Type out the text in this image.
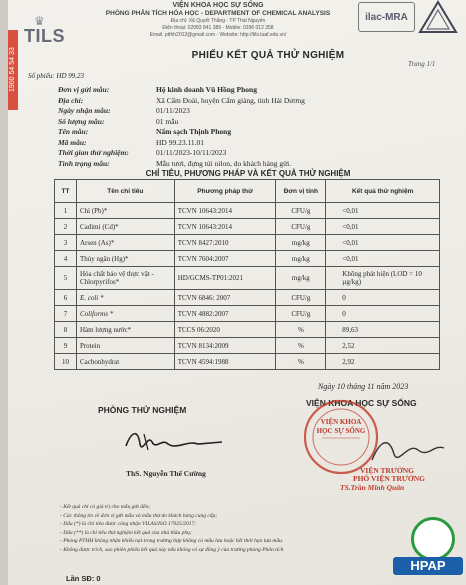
1900 54 54 33
♛
TILS
VIỆN KHOA HỌC SỰ SỐNG
PHÒNG PHÂN TÍCH HÓA HỌC - DEPARTMENT OF CHEMICAL ANALYSIS
Địa chỉ: Xã Quyết Thắng - TP Thái Nguyên
Điện thoại: 02083 841 389 - Mobile: 0396 012 358
Email: ptthh2012@gmail.com - Website: http://tils.tuaf.edu.vn/
ilac-MRA
PHIẾU KẾT QUẢ THỬ NGHIỆM
Trang 1/1
Số phiếu: HD 99.23
Đơn vị gửi mẫu:	Hộ kinh doanh Vũ Hồng Phong
Địa chỉ:	Xã Cẩm Đoài, huyện Cẩm giàng, tỉnh Hải Dương
Ngày nhận mẫu:	01/11/2023
Số lượng mẫu:	01 mẫu
Tên mẫu:	Nấm sạch Thịnh Phong
Mã mẫu:	HD 99.23.11.01
Thời gian thử nghiệm:	01/11/2023-10/11/2023
Tình trạng mẫu:	Mẫu tươi, đựng túi nilon, do khách hàng gửi.
CHỈ TIÊU, PHƯƠNG PHÁP VÀ KẾT QUẢ THỬ NGHIỆM
TT	Tên chỉ tiêu	Phương pháp thử	Đơn vị tính	Kết quả thử nghiệm
1	Chì (Pb)*	TCVN 10643:2014	CFU/g	<0,01
2	Cadimi (Cd)*	TCVN 10643:2014	CFU/g	<0,01
3	Arsen (As)*	TCVN 8427:2010	mg/kg	<0,01
4	Thủy ngân (Hg)*	TCVN 7604:2007	mg/kg	<0,01
5	Hóa chất bảo vệ thực vật - Chlorpyrifos*	HD/GCMS-TP01:2021	mg/kg	Không phát hiện (LOD = 10 µg/kg)
6	E. coli *	TCVN 6846: 2007	CFU/g	0
7	Coliforms *	TCVN 4882:2007	CFU/g	0
8	Hàm lượng nước*	TCCS 06:2020	%	89,63
9	Protein	TCVN 8134:2009	%	2,52
10	Cacbonhydrat	TCVN 4594:1988	%	2,92
Ngày 10 tháng 11 năm 2023
PHÒNG THỬ NGHIỆM
VIỆN KHOA HỌC SỰ SỐNG
VIỆN KHOA HỌC SỰ SỐNG
ThS. Nguyễn Thế Cường	VIỆN TRƯỞNG
PHÓ VIỆN TRƯỞNG
TS.Trần Minh Quân
- Kết quả chỉ có giá trị cho mẫu gửi đến;
- Các thông tin về đơn vị gửi mẫu và mẫu thử do khách hàng cung cấp;
- Dấu (*) là chỉ tiêu được công nhận VILAS/ISO 17025/2017;
- Dấu (**) là chỉ tiêu thử nghiệm kết quả của nhà thầu phụ;
- Phòng PTHH không nhận khiếu nại trong trường hợp không có mẫu lưu hoặc hết thời hạn lưu mẫu.
- Không được trích, sao phiên phiếu kết quả này nếu không có sự đồng ý của trường phòng Phân tích
Lần SĐ: 0
HPAP
